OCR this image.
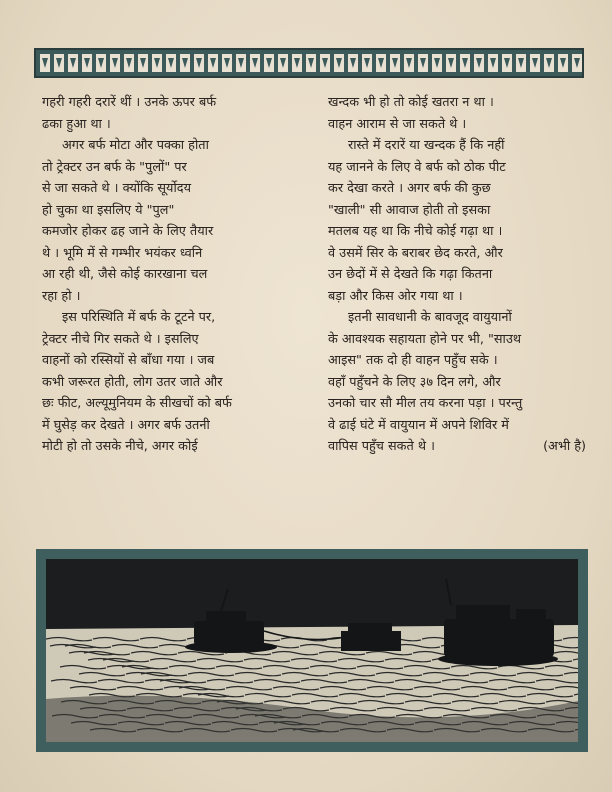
गहरी गहरी दरारें थीं । उनके ऊपर बर्फ
ढका हुआ था ।
अगर बर्फ मोटा और पक्का होता
तो ट्रेक्टर उन बर्फ के "पुलों" पर
से जा सकते थे । क्योंकि सूर्योदय
हो चुका था इसलिए ये "पुल"
कमजोर होकर ढह जाने के लिए तैयार
थे । भूमि में से गम्भीर भयंकर ध्वनि
आ रही थी, जैसे कोई कारखाना चल
रहा हो ।
इस परिस्थिति में बर्फ के टूटने पर,
ट्रेक्टर नीचे गिर सकते थे । इसलिए
वाहनों को रस्सियों से बाँधा गया । जब
कभी जरूरत होती, लोग उतर जाते और
छः फीट, अल्यूमुनियम के सीखचों को बर्फ
में घुसेड़ कर देखते । अगर बर्फ उतनी
मोटी हो तो उसके नीचे, अगर कोई
खन्दक भी हो तो कोई खतरा न था ।
वाहन आराम से जा सकते थे ।
रास्ते में दरारें या खन्दक हैं कि नहीं
यह जानने के लिए वे बर्फ को ठोक पीट
कर देखा करते । अगर बर्फ की कुछ
"खाली" सी आवाज होती तो इसका
मतलब यह था कि नीचे कोई गढ़ा था ।
वे उसमें सिर के बराबर छेद करते, और
उन छेदों में से देखते कि गढ़ा कितना
बड़ा और किस ओर गया था ।
इतनी सावधानी के बावजूद वायुयानों
के आवश्यक सहायता होने पर भी, "साउथ
आइस" तक दो ही वाहन पहुँच सके ।
वहाँ पहुँचने के लिए ३७ दिन लगे, और
उनको चार सौ मील तय करना पड़ा । परन्तु
वे ढाई घंटे में वायुयान में अपने शिविर में
वापिस पहुँच सकते थे ।	(अभी है)
